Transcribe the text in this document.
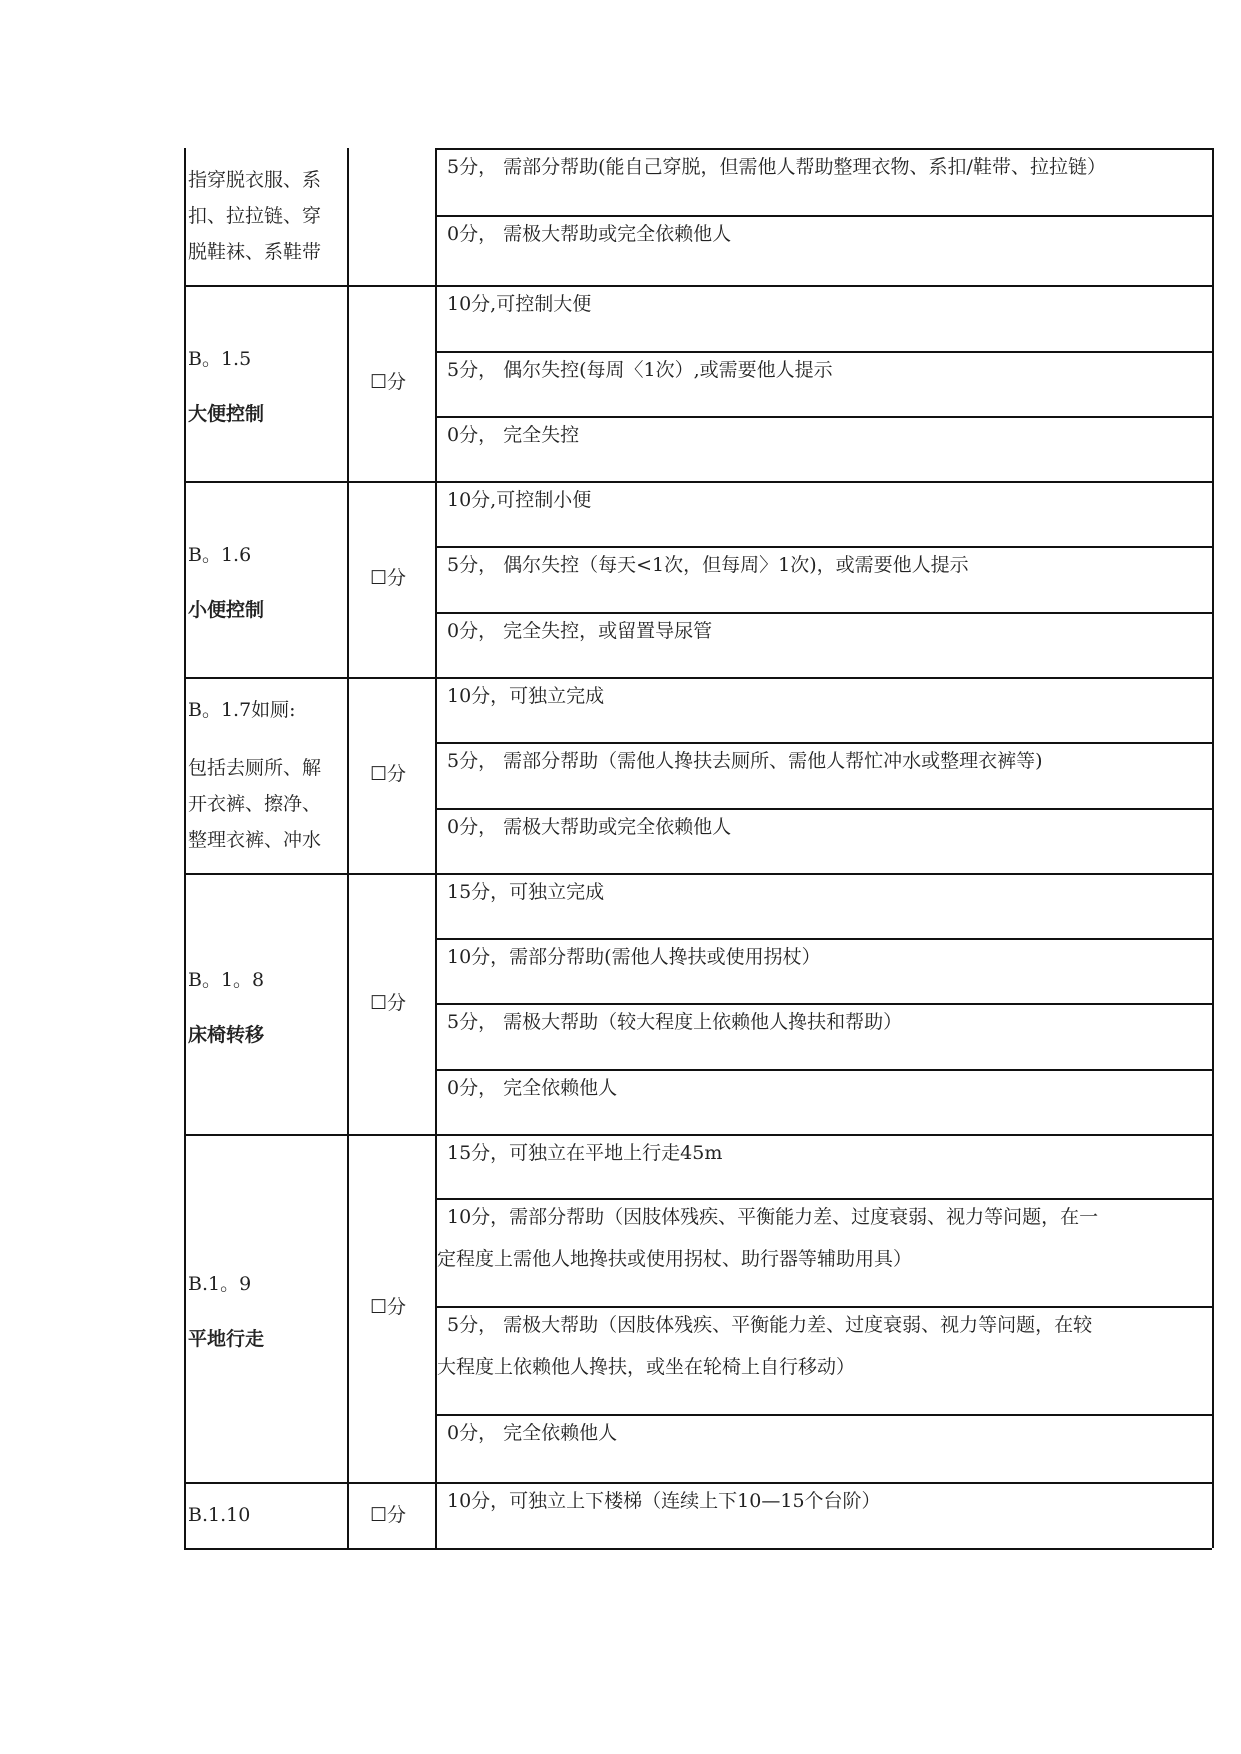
指穿脱衣服、系
扣、拉拉链、穿
脱鞋袜、系鞋带
5分， 需部分帮助(能自己穿脱，但需他人帮助整理衣物、系扣/鞋带、拉拉链）
0分， 需极大帮助或完全依赖他人
B。1.5
大便控制
☐分
10分,可控制大便
5分， 偶尔失控(每周〈1次）,或需要他人提示
0分， 完全失控
B。1.6
小便控制
☐分
10分,可控制小便
5分， 偶尔失控（每天<1次，但每周〉1次)，或需要他人提示
0分， 完全失控，或留置导尿管
B。1.7如厕:
包括去厕所、解
开衣裤、擦净、
整理衣裤、冲水
☐分
10分，可独立完成
5分， 需部分帮助（需他人搀扶去厕所、需他人帮忙冲水或整理衣裤等)
0分， 需极大帮助或完全依赖他人
B。1。8
床椅转移
☐分
15分，可独立完成
10分，需部分帮助(需他人搀扶或使用拐杖）
5分， 需极大帮助（较大程度上依赖他人搀扶和帮助）
0分， 完全依赖他人
B.1。9
平地行走
☐分
15分，可独立在平地上行走45m
10分，需部分帮助（因肢体残疾、平衡能力差、过度衰弱、视力等问题，在一
定程度上需他人地搀扶或使用拐杖、助行器等辅助用具）
5分， 需极大帮助（因肢体残疾、平衡能力差、过度衰弱、视力等问题，在较
大程度上依赖他人搀扶，或坐在轮椅上自行移动）
0分， 完全依赖他人
B.1.10	☐分
10分，可独立上下楼梯（连续上下10—15个台阶）
